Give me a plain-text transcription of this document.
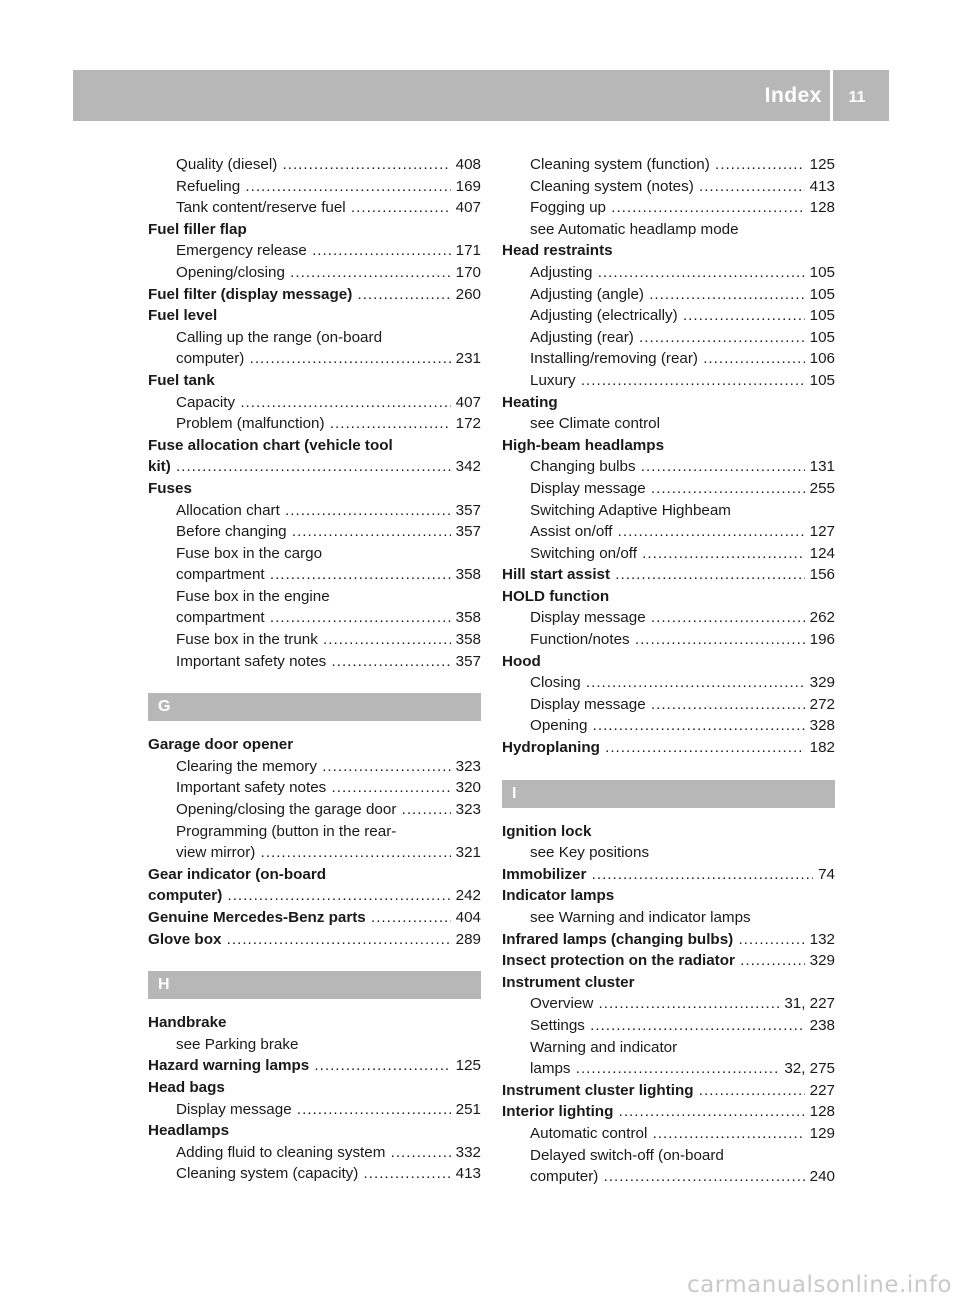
Index	11
Quality (diesel) .....	408
Refueling .....	169
Tank content/reserve fuel .....	407
Fuel filler flap
Emergency release .....	171
Opening/closing .....	170
Fuel filter (display message) .....	260
Fuel level
Calling up the range (on-board
computer) .....	231
Fuel tank
Capacity .....	407
Problem (malfunction) .....	172
Fuse allocation chart (vehicle tool
kit) .....	342
Fuses
Allocation chart .....	357
Before changing .....	357
Fuse box in the cargo
compartment .....	358
Fuse box in the engine
compartment .....	358
Fuse box in the trunk .....	358
Important safety notes .....	357
G
Garage door opener
Clearing the memory .....	323
Important safety notes .....	320
Opening/closing the garage door .....	323
Programming (button in the rear-
view mirror) .....	321
Gear indicator (on-board
computer) .....	242
Genuine Mercedes-Benz parts .....	404
Glove box .....	289
H
Handbrake
see Parking brake
Hazard warning lamps .....	125
Head bags
Display message .....	251
Headlamps
Adding fluid to cleaning system .....	332
Cleaning system (capacity) .....	413
Cleaning system (function) .....	125
Cleaning system (notes) .....	413
Fogging up .....	128
see Automatic headlamp mode
Head restraints
Adjusting .....	105
Adjusting (angle) .....	105
Adjusting (electrically) .....	105
Adjusting (rear) .....	105
Installing/removing (rear) .....	106
Luxury .....	105
Heating
see Climate control
High-beam headlamps
Changing bulbs .....	131
Display message .....	255
Switching Adaptive Highbeam
Assist on/off .....	127
Switching on/off .....	124
Hill start assist .....	156
HOLD function
Display message .....	262
Function/notes .....	196
Hood
Closing .....	329
Display message .....	272
Opening .....	328
Hydroplaning .....	182
I
Ignition lock
see Key positions
Immobilizer .....	74
Indicator lamps
see Warning and indicator lamps
Infrared lamps (changing bulbs) .....	132
Insect protection on the radiator .....	329
Instrument cluster
Overview .....	31, 227
Settings .....	238
Warning and indicator
lamps .....	32, 275
Instrument cluster lighting .....	227
Interior lighting .....	128
Automatic control .....	129
Delayed switch-off (on-board
computer) .....	240
carmanualsonline.info
